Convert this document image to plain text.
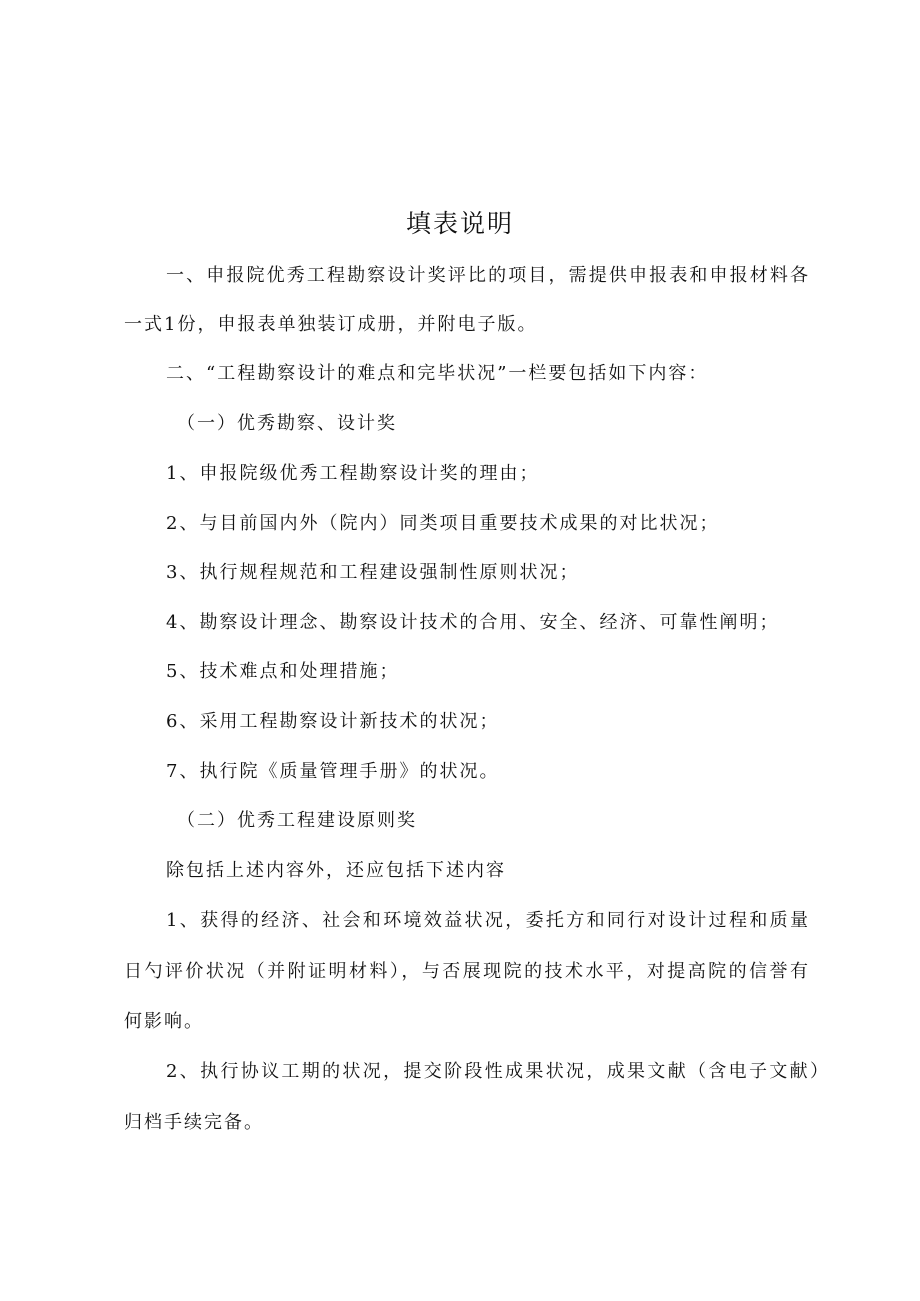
填表说明
一、申报院优秀工程勘察设计奖评比的项目，需提供申报表和申报材料各
一式1份，申报表单独装订成册，并附电子版。
二、“工程勘察设计的难点和完毕状况”一栏要包括如下内容：
（一）优秀勘察、设计奖
1、申报院级优秀工程勘察设计奖的理由；
2、与目前国内外（院内）同类项目重要技术成果的对比状况；
3、执行规程规范和工程建设强制性原则状况；
4、勘察设计理念、勘察设计技术的合用、安全、经济、可靠性阐明；
5、技术难点和处理措施；
6、采用工程勘察设计新技术的状况；
7、执行院《质量管理手册》的状况。
（二）优秀工程建设原则奖
除包括上述内容外，还应包括下述内容
1、获得的经济、社会和环境效益状况，委托方和同行对设计过程和质量
日勺评价状况（并附证明材料），与否展现院的技术水平，对提高院的信誉有
何影响。
2、执行协议工期的状况，提交阶段性成果状况，成果文献（含电子文献）
归档手续完备。
